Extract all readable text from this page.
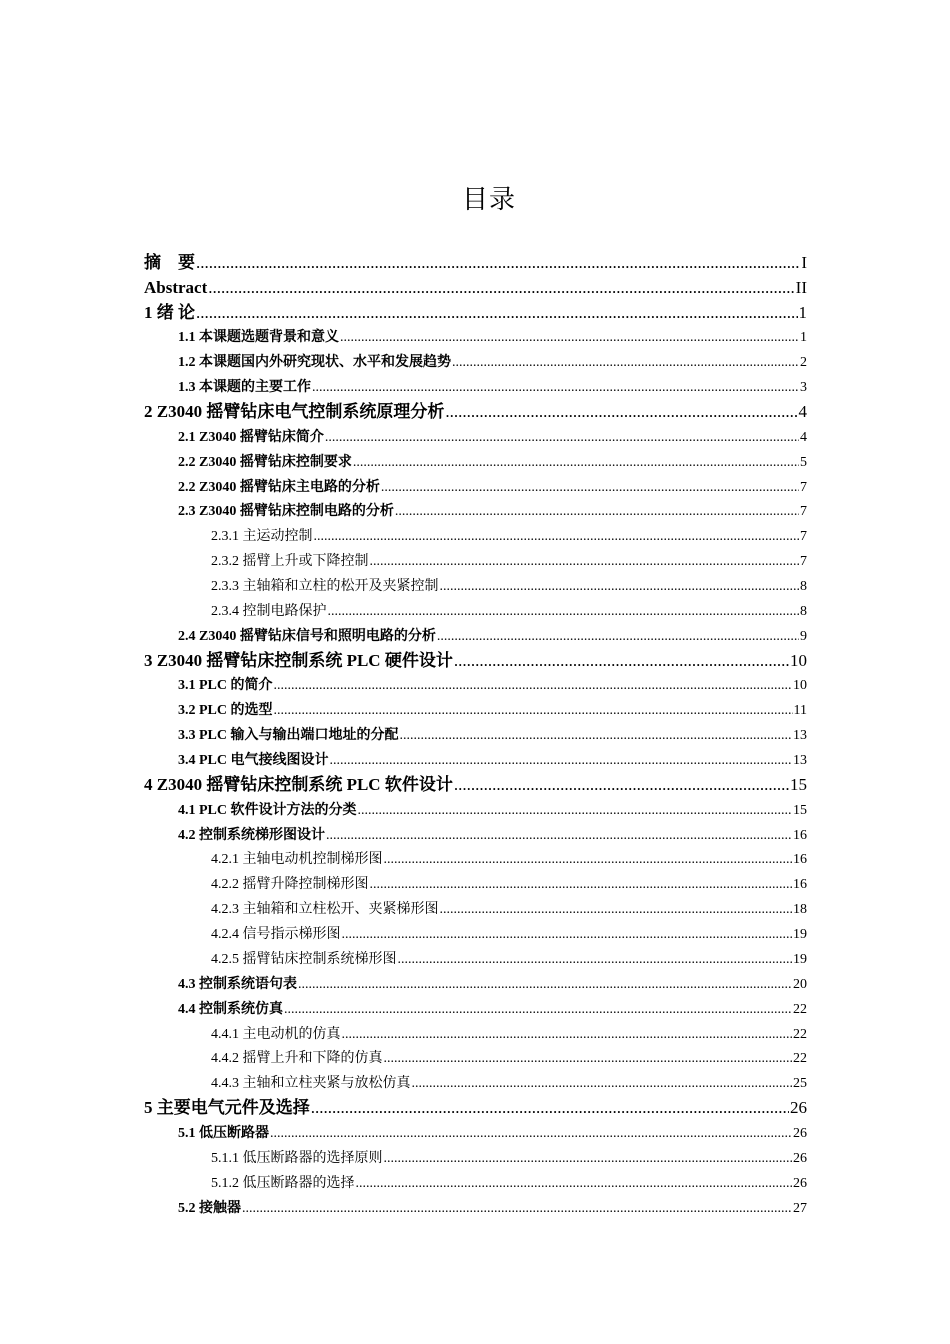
目录
摘　要 .....	I
Abstract .....	II
1 绪 论 .....	1
1.1 本课题选题背景和意义 .....	1
1.2 本课题国内外研究现状、水平和发展趋势 .....	2
1.3 本课题的主要工作 .....	3
2 Z3040 摇臂钻床电气控制系统原理分析 .....	4
2.1 Z3040 摇臂钻床简介 .....	4
2.2 Z3040 摇臂钻床控制要求 .....	5
2.2 Z3040 摇臂钻床主电路的分析 .....	7
2.3 Z3040 摇臂钻床控制电路的分析 .....	7
2.3.1 主运动控制 .....	7
2.3.2 摇臂上升或下降控制 .....	7
2.3.3 主轴箱和立柱的松开及夹紧控制 .....	8
2.3.4 控制电路保护 .....	8
2.4 Z3040 摇臂钻床信号和照明电路的分析 .....	9
3 Z3040 摇臂钻床控制系统 PLC 硬件设计 .....	10
3.1 PLC 的简介 .....	10
3.2 PLC 的选型 .....	11
3.3 PLC 输入与输出端口地址的分配 .....	13
3.4 PLC 电气接线图设计 .....	13
4 Z3040 摇臂钻床控制系统 PLC 软件设计 .....	15
4.1 PLC 软件设计方法的分类 .....	15
4.2 控制系统梯形图设计 .....	16
4.2.1 主轴电动机控制梯形图 .....	16
4.2.2 摇臂升降控制梯形图 .....	16
4.2.3 主轴箱和立柱松开、夹紧梯形图 .....	18
4.2.4 信号指示梯形图 .....	19
4.2.5 摇臂钻床控制系统梯形图 .....	19
4.3 控制系统语句表 .....	20
4.4 控制系统仿真 .....	22
4.4.1 主电动机的仿真 .....	22
4.4.2 摇臂上升和下降的仿真 .....	22
4.4.3 主轴和立柱夹紧与放松仿真 .....	25
5 主要电气元件及选择 .....	26
5.1 低压断路器 .....	26
5.1.1 低压断路器的选择原则 .....	26
5.1.2 低压断路器的选择 .....	26
5.2 接触器 .....	27
